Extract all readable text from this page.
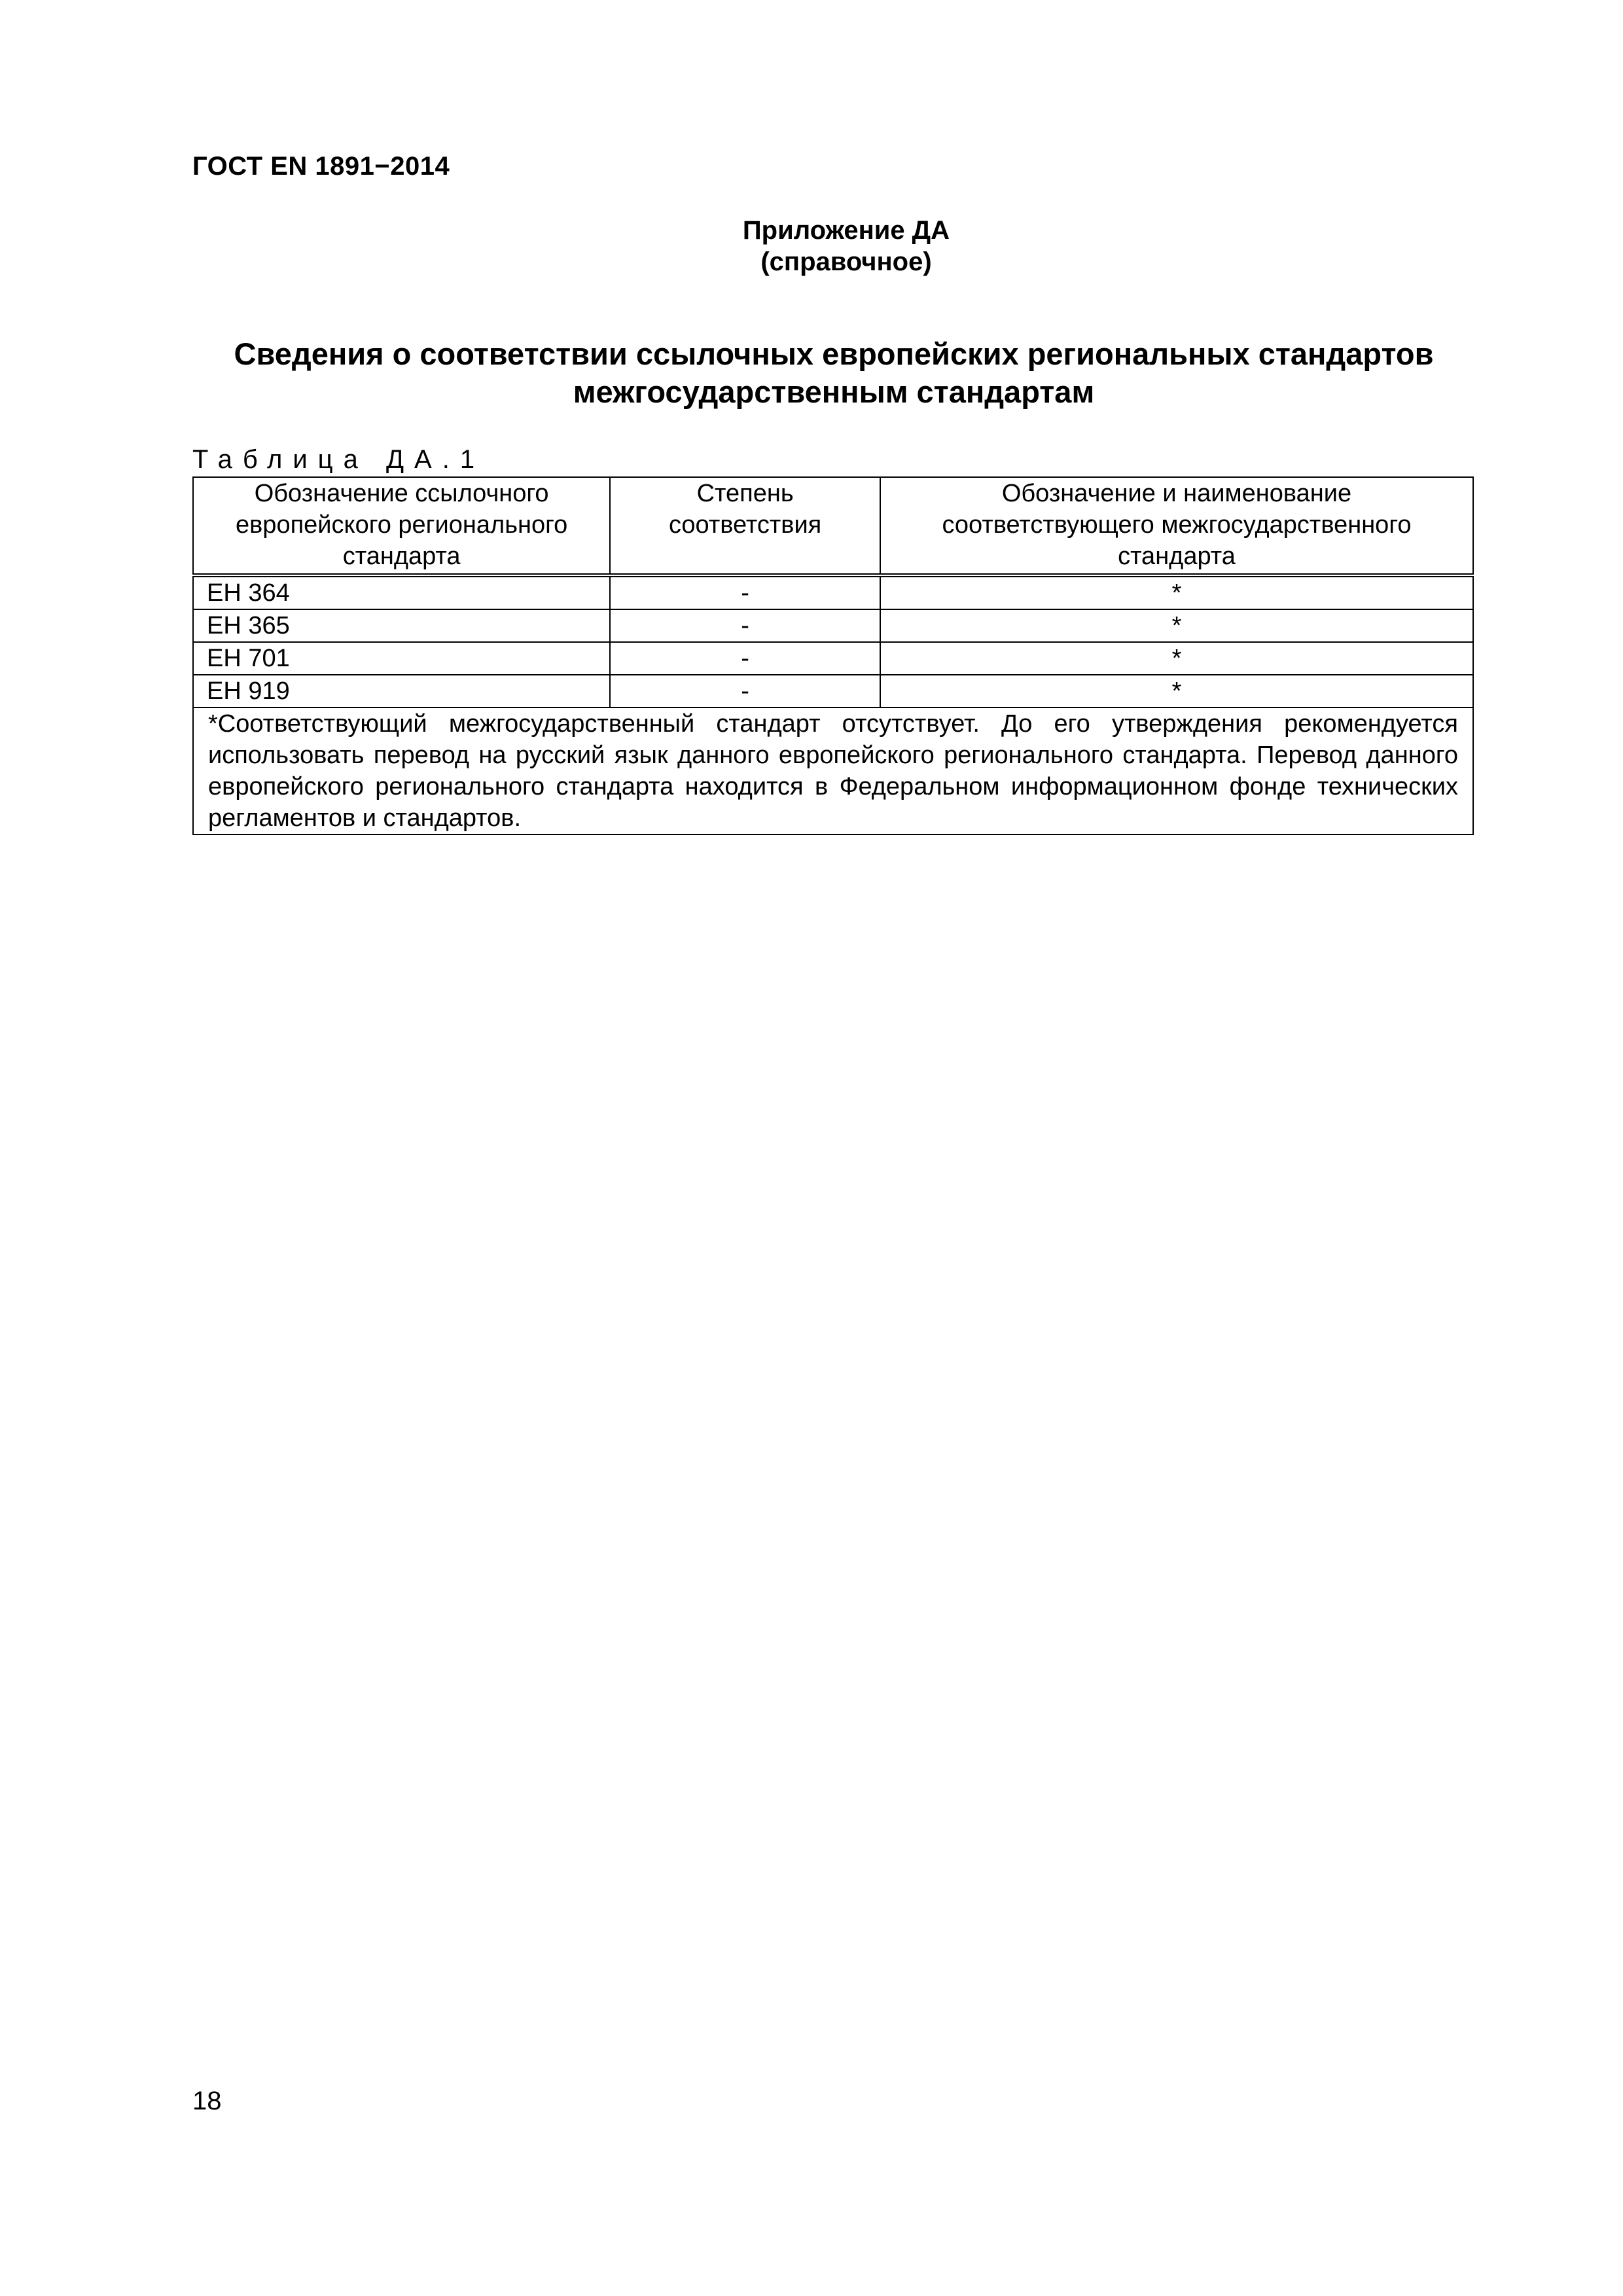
ГОСТ EN 1891−2014
Приложение ДА
(справочное)
Сведения о соответствии ссылочных европейских региональных стандартов
межгосударственным стандартам
Таблица ДА.1
Обозначение ссылочного европейского регионального стандарта	Степень соответствия	Обозначение и наименование соответствующего межгосударственного стандарта
ЕН 364	-	*
ЕН 365	-	*
ЕН 701	-	*
ЕН 919	-	*
*Соответствующий межгосударственный стандарт отсутствует. До его утверждения рекомендуется использовать перевод на русский язык данного европейского регионального стандарта. Перевод данного европейского регионального стандарта находится в Федеральном информационном фонде технических регламентов и стандартов.		
18
